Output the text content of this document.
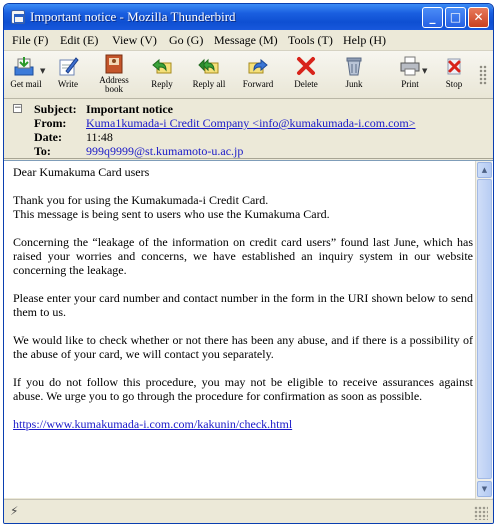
Important notice - Mozilla Thunderbird	_	□	✕
File (F) Edit (E) View (V) Go (G) Message (M) Tools (T) Help (H)
▼
Get mail	Write	Address book	Reply	Reply all	Forward	Delete	Junk
▼
Print	Stop
− Subject: Important notice
From: Kuma1kumada-i Credit Company <info@kumakumada-i.com.com>
Date: 11:48
To:	999q9999@st.kumamoto-u.ac.jp

Dear Kumakuma Card users

Thank you for using the Kumakumada-i Credit Card.

This message is being sent to users who use the Kumakuma Card.

Concerning the “leakage of the information on credit card users” found last June, which has raised your worries and concerns, we have established an inquiry system in our website concerning the leakage.

Please enter your card number and contact number in the form in the URI shown below to send them to us.

We would like to check whether or not there has been any abuse, and if there is a possibility of the abuse of your card, we will contact you separately.

If you do not follow this procedure, you may not be eligible to receive assurances against abuse. We urge you to go through the procedure for confirmation as soon as possible.

https://www.kumakumada-i.com.com/kakunin/check.html

▲
▼
⚡
